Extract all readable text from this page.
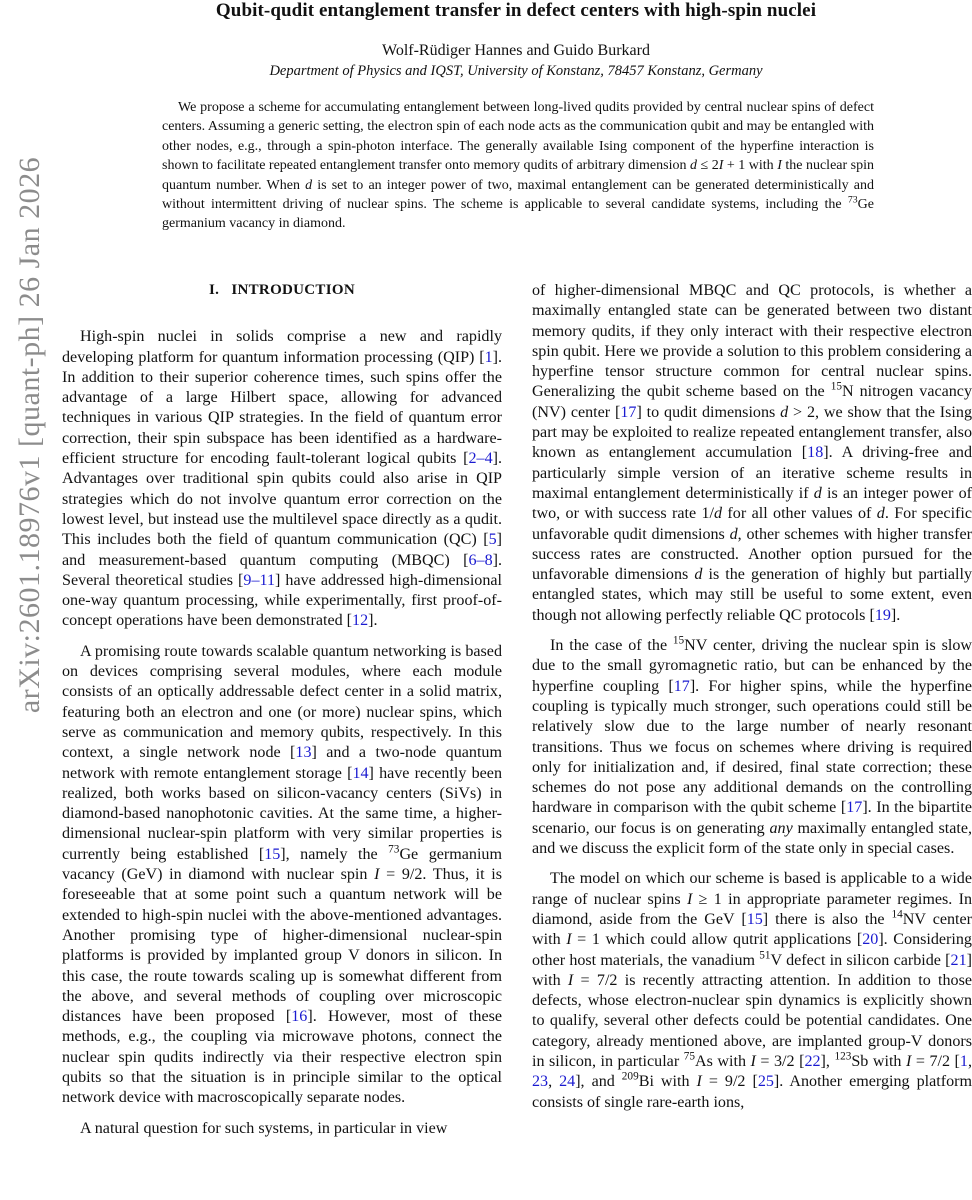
arXiv:2601.18976v1 [quant-ph] 26 Jan 2026
Qubit-qudit entanglement transfer in defect centers with high-spin nuclei
Wolf-Rüdiger Hannes and Guido Burkard
Department of Physics and IQST, University of Konstanz, 78457 Konstanz, Germany

We propose a scheme for accumulating entanglement between long-lived qudits provided by central nuclear spins of defect centers. Assuming a generic setting, the electron spin of each node acts as the communication qubit and may be entangled with other nodes, e.g., through a spin-photon interface. The generally available Ising component of the hyperfine interaction is shown to facilitate repeated entanglement transfer onto memory qudits of arbitrary dimension d ≤ 2I + 1 with I the nuclear spin quantum number. When d is set to an integer power of two, maximal entanglement can be generated deterministically and without intermittent driving of nuclear spins. The scheme is applicable to several candidate systems, including the $^{73}$Ge germanium vacancy in diamond.

I. INTRODUCTION

High-spin nuclei in solids comprise a new and rapidly developing platform for quantum information processing (QIP) [1]. In addition to their superior coherence times, such spins offer the advantage of a large Hilbert space, allowing for advanced techniques in various QIP strategies. In the field of quantum error correction, their spin subspace has been identified as a hardware-efficient structure for encoding fault-tolerant logical qubits [2–4]. Advantages over traditional spin qubits could also arise in QIP strategies which do not involve quantum error correction on the lowest level, but instead use the multilevel space directly as a qudit. This includes both the field of quantum communication (QC) [5] and measurement-based quantum computing (MBQC) [6–8]. Several theoretical studies [9–11] have addressed high-dimensional one-way quantum processing, while experimentally, first proof-of-concept operations have been demonstrated [12].

A promising route towards scalable quantum networking is based on devices comprising several modules, where each module consists of an optically addressable defect center in a solid matrix, featuring both an electron and one (or more) nuclear spins, which serve as communication and memory qubits, respectively. In this context, a single network node [13] and a two-node quantum network with remote entanglement storage [14] have recently been realized, both works based on silicon-vacancy centers (SiVs) in diamond-based nanophotonic cavities. At the same time, a higher-dimensional nuclear-spin platform with very similar properties is currently being established [15], namely the $^{73}$Ge germanium vacancy (GeV) in diamond with nuclear spin I = 9/2. Thus, it is foreseeable that at some point such a quantum network will be extended to high-spin nuclei with the above-mentioned advantages. Another promising type of higher-dimensional nuclear-spin platforms is provided by implanted group V donors in silicon. In this case, the route towards scaling up is somewhat different from the above, and several methods of coupling over microscopic distances have been proposed [16]. However, most of these methods, e.g., the coupling via microwave photons, connect the nuclear spin qudits indirectly via their respective electron spin qubits so that the situation is in principle similar to the optical network device with macroscopically separate nodes.

A natural question for such systems, in particular in view

of higher-dimensional MBQC and QC protocols, is whether a maximally entangled state can be generated between two distant memory qudits, if they only interact with their respective electron spin qubit. Here we provide a solution to this problem considering a hyperfine tensor structure common for central nuclear spins. Generalizing the qubit scheme based on the $^{15}$N nitrogen vacancy (NV) center [17] to qudit dimensions d > 2, we show that the Ising part may be exploited to realize repeated entanglement transfer, also known as entanglement accumulation [18]. A driving-free and particularly simple version of an iterative scheme results in maximal entanglement deterministically if d is an integer power of two, or with success rate 1/d for all other values of d. For specific unfavorable qudit dimensions d, other schemes with higher transfer success rates are constructed. Another option pursued for the unfavorable dimensions d is the generation of highly but partially entangled states, which may still be useful to some extent, even though not allowing perfectly reliable QC protocols [19].

In the case of the $^{15}$NV center, driving the nuclear spin is slow due to the small gyromagnetic ratio, but can be enhanced by the hyperfine coupling [17]. For higher spins, while the hyperfine coupling is typically much stronger, such operations could still be relatively slow due to the large number of nearly resonant transitions. Thus we focus on schemes where driving is required only for initialization and, if desired, final state correction; these schemes do not pose any additional demands on the controlling hardware in comparison with the qubit scheme [17]. In the bipartite scenario, our focus is on generating any maximally entangled state, and we discuss the explicit form of the state only in special cases.

The model on which our scheme is based is applicable to a wide range of nuclear spins I ≥ 1 in appropriate parameter regimes. In diamond, aside from the GeV [15] there is also the $^{14}$NV center with I = 1 which could allow qutrit applications [20]. Considering other host materials, the vanadium $^{51}$V defect in silicon carbide [21] with I = 7/2 is recently attracting attention. In addition to those defects, whose electron-nuclear spin dynamics is explicitly shown to qualify, several other defects could be potential candidates. One category, already mentioned above, are implanted group-V donors in silicon, in particular $^{75}$As with I = 3/2 [22], $^{123}$Sb with I = 7/2 [1, 23, 24], and $^{209}$Bi with I = 9/2 [25]. Another emerging platform consists of single rare-earth ions,
